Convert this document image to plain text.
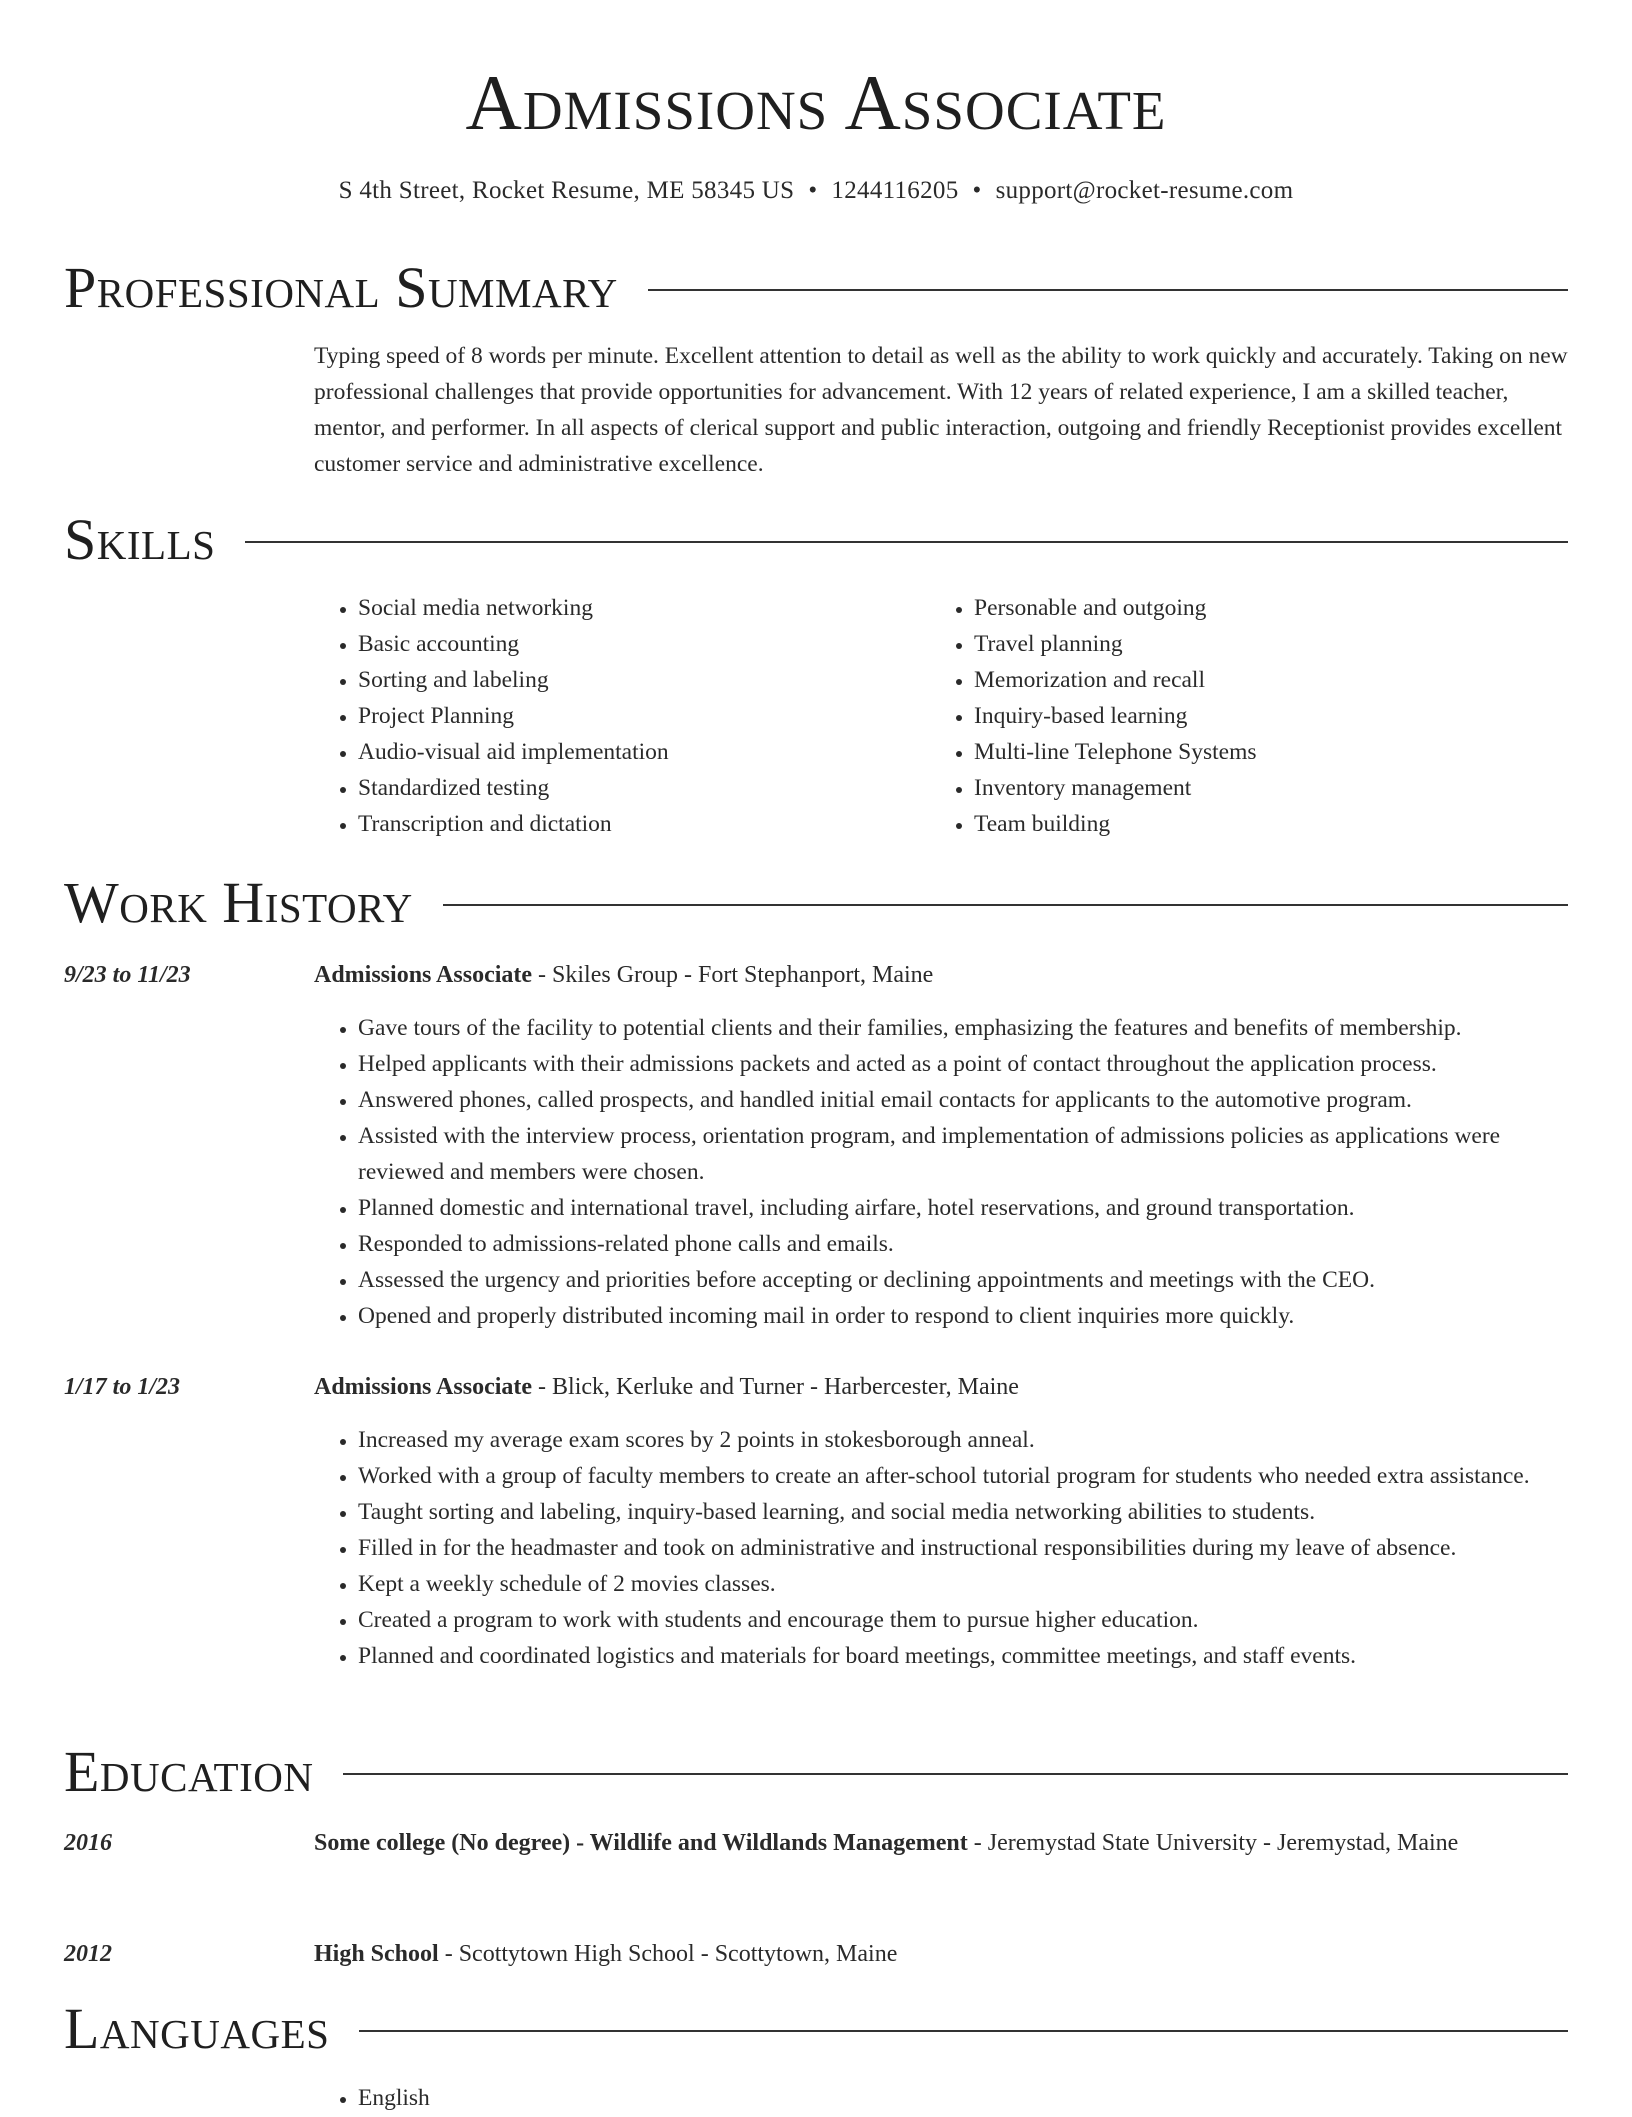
Admissions Associate
S 4th Street, Rocket Resume, ME 58345 US • 1244116205 • support@rocket-resume.com
Professional Summary

Typing speed of 8 words per minute. Excellent attention to detail as well as the ability to work quickly and accurately. Taking on new professional challenges that provide opportunities for advancement. With 12 years of related experience, I am a skilled teacher, mentor, and performer. In all aspects of clerical support and public interaction, outgoing and friendly Receptionist provides excellent customer service and administrative excellence.

Skills
• Social media networking
• Basic accounting
• Sorting and labeling
• Project Planning
• Audio-visual aid implementation
• Standardized testing
• Transcription and dictation
• Personable and outgoing
• Travel planning
• Memorization and recall
• Inquiry-based learning
• Multi-line Telephone Systems
• Inventory management
• Team building
Work History
9/23 to 11/23	Admissions Associate - Skiles Group - Fort Stephanport, Maine
• Gave tours of the facility to potential clients and their families, emphasizing the features and benefits of membership.
• Helped applicants with their admissions packets and acted as a point of contact throughout the application process.
• Answered phones, called prospects, and handled initial email contacts for applicants to the automotive program.
• Assisted with the interview process, orientation program, and implementation of admissions policies as applications were reviewed and members were chosen.
• Planned domestic and international travel, including airfare, hotel reservations, and ground transportation.
• Responded to admissions-related phone calls and emails.
• Assessed the urgency and priorities before accepting or declining appointments and meetings with the CEO.
• Opened and properly distributed incoming mail in order to respond to client inquiries more quickly.
1/17 to 1/23	Admissions Associate - Blick, Kerluke and Turner - Harbercester, Maine
• Increased my average exam scores by 2 points in stokesborough anneal.
• Worked with a group of faculty members to create an after-school tutorial program for students who needed extra assistance.
• Taught sorting and labeling, inquiry-based learning, and social media networking abilities to students.
• Filled in for the headmaster and took on administrative and instructional responsibilities during my leave of absence.
• Kept a weekly schedule of 2 movies classes.
• Created a program to work with students and encourage them to pursue higher education.
• Planned and coordinated logistics and materials for board meetings, committee meetings, and staff events.
Education
2016	Some college (No degree) - Wildlife and Wildlands Management - Jeremystad State University - Jeremystad, Maine
2012	High School - Scottytown High School - Scottytown, Maine
Languages
• English
